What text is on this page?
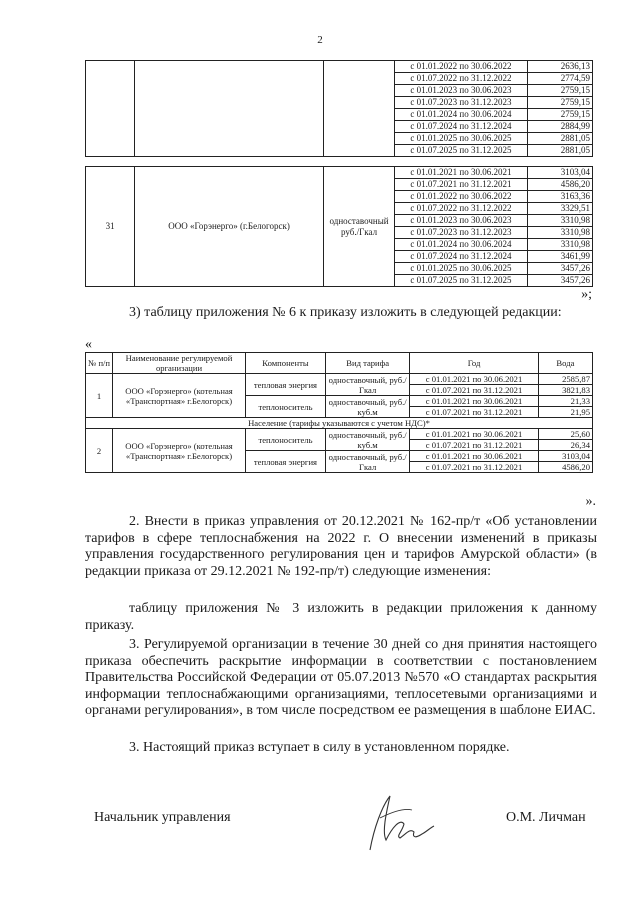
2
			с 01.01.2022 по 30.06.2022	2636,13
			с 01.07.2022 по 31.12.2022	2774,59
			с 01.01.2023 по 30.06.2023	2759,15
			с 01.07.2023 по 31.12.2023	2759,15
			с 01.01.2024 по 30.06.2024	2759,15
			с 01.07.2024 по 31.12.2024	2884,99
			с 01.01.2025 по 30.06.2025	2881,05
			с 01.07.2025 по 31.12.2025	2881,05
31	ООО «Горэнерго» (г.Белогорск)	одноставочный руб./Гкал	с 01.01.2021 по 30.06.2021	3103,04
			с 01.07.2021 по 31.12.2021	4586,20
			с 01.01.2022 по 30.06.2022	3163,36
			с 01.07.2022 по 31.12.2022	3329,51
			с 01.01.2023 по 30.06.2023	3310,98
			с 01.07.2023 по 31.12.2023	3310,98
			с 01.01.2024 по 30.06.2024	3310,98
			с 01.07.2024 по 31.12.2024	3461,99
			с 01.01.2025 по 30.06.2025	3457,26
			с 01.07.2025 по 31.12.2025	3457,26
»;
3) таблицу приложения № 6 к приказу изложить в следующей редакции:
«
№ п/п	Наименование регулируемой организации	Компоненты	Вид тарифа	Год	Вода
1	ООО «Горэнерго» (котельная «Транспортная» г.Белогорск)	тепловая энергия	одноставочный, руб./Гкал	с 01.01.2021 по 30.06.2021	2585,87
				с 01.07.2021 по 31.12.2021	3821,83
		теплоноситель	одноставочный, руб./куб.м	с 01.01.2021 по 30.06.2021	21,33
				с 01.07.2021 по 31.12.2021	21,95
Население (тарифы указываются с учетом НДС)*					
2	ООО «Горэнерго» (котельная «Транспортная» г.Белогорск)	теплоноситель	одноставочный, руб./куб.м	с 01.01.2021 по 30.06.2021	25,60
				с 01.07.2021 по 31.12.2021	26,34
		тепловая энергия	одноставочный, руб./Гкал	с 01.01.2021 по 30.06.2021	3103,04
				с 01.07.2021 по 31.12.2021	4586,20
».
2. Внести в приказ управления от 20.12.2021 № 162-пр/т «Об установлении тарифов в сфере теплоснабжения на 2022 г. О внесении изменений в приказы управления государственного регулирования цен и тарифов Амурской области» (в редакции приказа от 29.12.2021 № 192-пр/т) следующие изменения:
таблицу приложения № 3 изложить в редакции приложения к данному приказу.
3. Регулируемой организации в течение 30 дней со дня принятия настоящего приказа обеспечить раскрытие информации в соответствии с постановлением Правительства Российской Федерации от 05.07.2013 №570 «О стандартах раскрытия информации теплоснабжающими организациями, теплосетевыми организациями и органами регулирования», в том числе посредством ее размещения в шаблоне ЕИАС.
3. Настоящий приказ вступает в силу в установленном порядке.
Начальник управления	О.М. Личман
